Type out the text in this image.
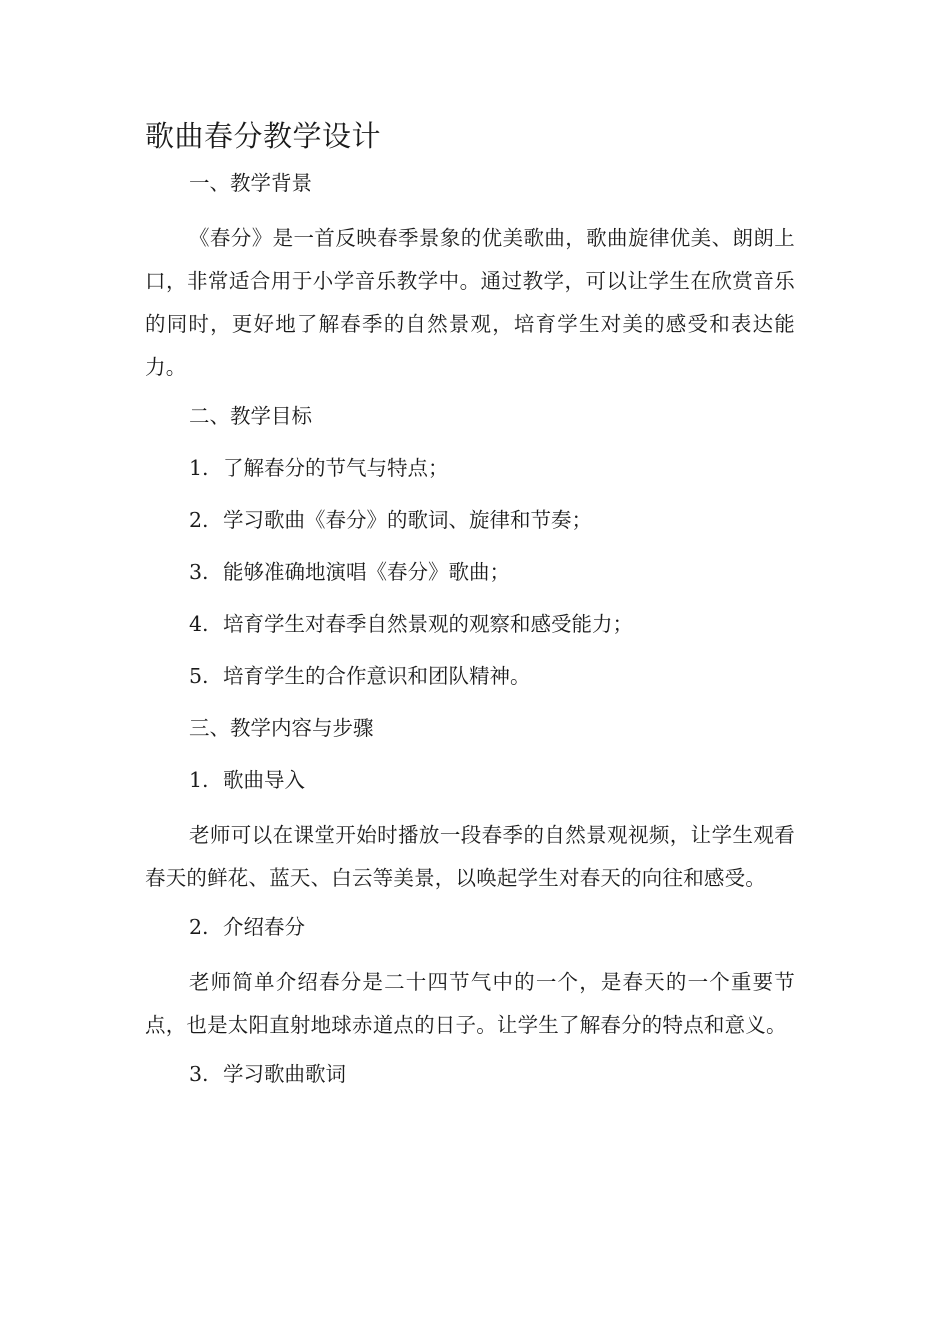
歌曲春分教学设计

一、教学背景

《春分》是一首反映春季景象的优美歌曲，歌曲旋律优美、朗朗上口，非常适合用于小学音乐教学中。通过教学，可以让学生在欣赏音乐的同时，更好地了解春季的自然景观，培育学生对美的感受和表达能力。

二、教学目标

1. 了解春分的节气与特点；

2. 学习歌曲《春分》的歌词、旋律和节奏；

3. 能够准确地演唱《春分》歌曲；

4. 培育学生对春季自然景观的观察和感受能力；

5. 培育学生的合作意识和团队精神。

三、教学内容与步骤

1. 歌曲导入

老师可以在课堂开始时播放一段春季的自然景观视频，让学生观看春天的鲜花、蓝天、白云等美景，以唤起学生对春天的向往和感受。

2. 介绍春分

老师简单介绍春分是二十四节气中的一个，是春天的一个重要节点，也是太阳直射地球赤道点的日子。让学生了解春分的特点和意义。

3. 学习歌曲歌词
